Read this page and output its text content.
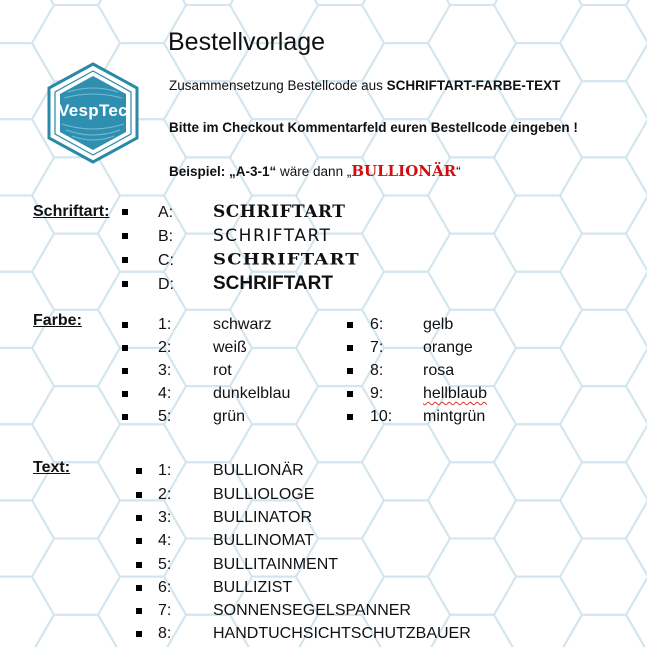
VespTec
Bestellvorlage
Zusammensetzung Bestellcode aus SCHRIFTART-FARBE-TEXT
Bitte im Checkout Kommentarfeld euren Bestellcode eingeben !
Beispiel: „A-3-1“ wäre dann „BULLIONÄR“
Schriftart:	A: SCHRIFTART
B: SCHRIFTART
C: SCHRIFTART
D: SCHRIFTART
Farbe:	1:	schwarz
2:	weiß
3:	rot
4:	dunkelblau
5:	grün
6: gelb
7: orange
8: rosa
9: hellblaub
10: mintgrün
Text:	1:	BULLIONÄR
2:	BULLIOLOGE
3:	BULLINATOR
4:	BULLINOMAT
5:	BULLITAINMENT
6:	BULLIZIST
7:	SONNENSEGELSPANNER
8:	HANDTUCHSICHTSCHUTZBAUER
